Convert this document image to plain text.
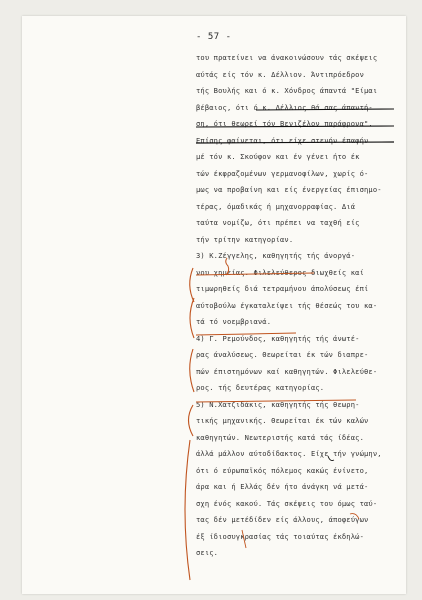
- 57 -
του πρατείνει να άνακοινώσουν τάς σκέψεις
αύτάς είς τόν κ. Δέλλιον. Άντιπρόεδρον
τής Βουλής και ό κ. Χόνδρος άπαντά "Είμαι
βέβαιος, ότι ό κ. Δέλλιος θά σας άπαντή-
ση, ότι θεωρεί τόν Βενιζέλον παράφρονα".
Επίσης φαίνεται, ότι είχε στενήν έπαφήν
μέ τόν κ. Σκούφον και έν γένει ήτο έκ
τών έκφραζομένων γερμανοφίλων, χωρίς ό-
μως να προβαίνη και είς ένεργείας έπισημο-
τέρας, όμαδικάς ή μηχανορραφίας. Διά
ταύτα νομίζω, ότι πρέπει να ταχθή είς
τήν τρίτην κατηγορίαν.
3) Κ.Ζέγγελης, καθηγητής τής άνοργά-
νου χημείας. Φιλελεύθερος διωχθείς καί
τιμωρηθείς διά τετραμήνου άπολύσεως έπί
αύτοβούλω έγκαταλείψει τής θέσεώς του κα-
τά τό νοεμβριανά.
4) Γ. Ρεμούνδος, καθηγητής τής άνωτέ-
ρας άναλύσεως. Θεωρείται έκ τών διαπρε-
πών έπιστημόνων καί καθηγητών. Φιλελεύθε-
ρος. τής δευτέρας κατηγορίας.
5) Ν.Χατζιδάκις, καθηγητής τής θεωρη-
τικής μηχανικής. Θεωρείται έκ τών καλών
καθηγητών. Νεωτεριστής κατά τάς ίδέας.
άλλά μάλλον αύτοδίδακτος. Είχε τήν γνώμην,
ότι ό εύρωπαϊκός πόλεμος κακώς ένίνετο,
άρα και ή Ελλάς δέν ήτο άνάγκη νά μετά-
σχη ένός κακού. Τάς σκέψεις του όμως ταύ-
τας δέν μετέδίδεν είς άλλους, άποφεύγων
έξ ίδιοσυγκρασίας τάς τοιαύτας έκδηλώ-
σεις.
